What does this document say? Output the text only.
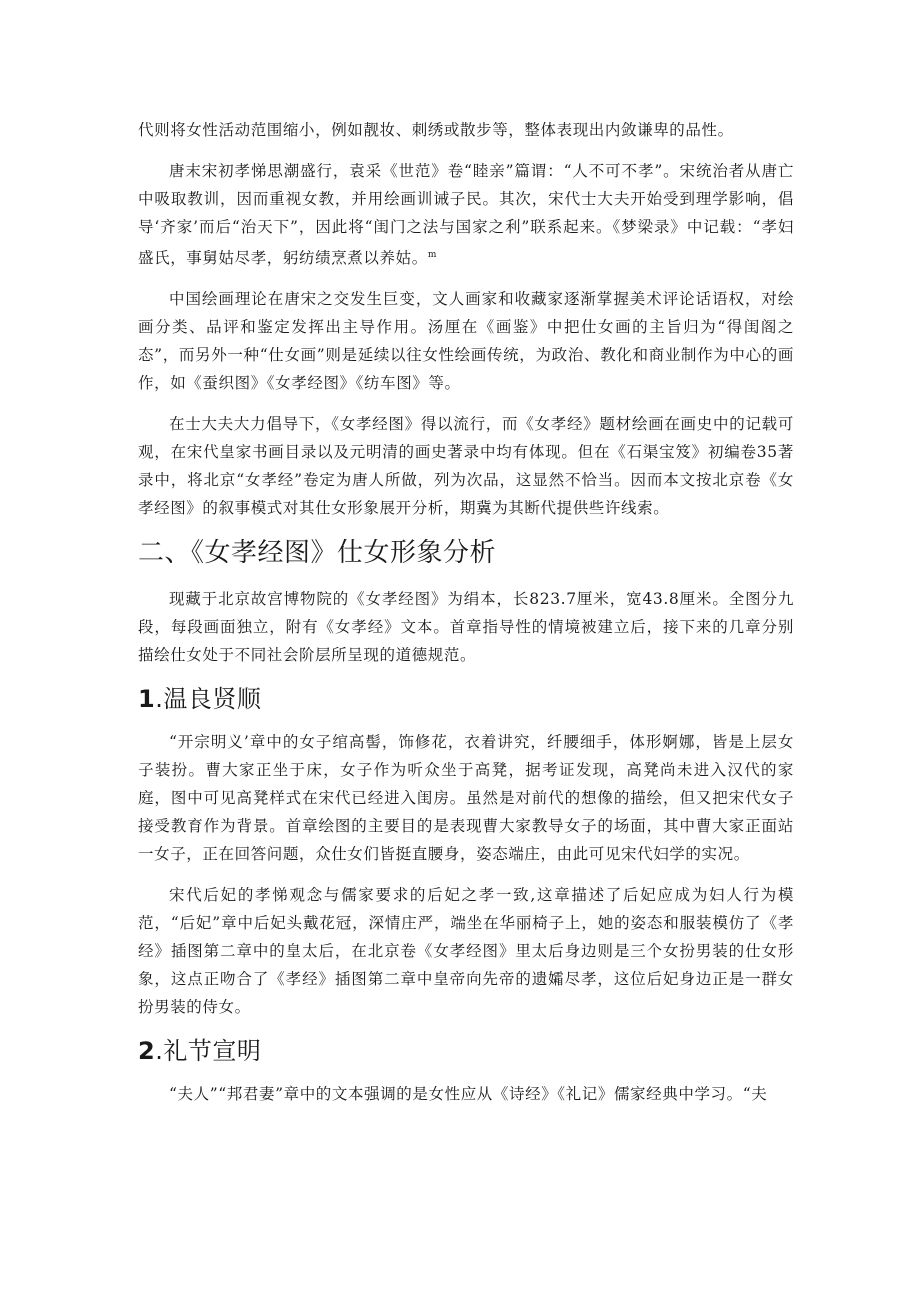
代则将女性活动范围缩小，例如靓妆、刺绣或散步等，整体表现出内敛谦卑的品性。

唐末宋初孝悌思潮盛行，袁采《世范》卷“睦亲”篇谓：“人不可不孝”。宋统治者从唐亡中吸取教训，因而重视女教，并用绘画训诫子民。其次，宋代士大夫开始受到理学影响，倡导‘齐家’而后“治天下”，因此将“闺门之法与国家之利”联系起来。《梦梁录》中记载：“孝妇盛氏，事舅姑尽孝，躬纺绩烹煮以养姑。$^m$

中国绘画理论在唐宋之交发生巨变，文人画家和收藏家逐渐掌握美术评论话语权，对绘画分类、品评和鉴定发挥出主导作用。汤厘在《画鉴》中把仕女画的主旨归为“得闺阁之态”，而另外一种“仕女画”则是延续以往女性绘画传统，为政治、教化和商业制作为中心的画作，如《蚕织图》《女孝经图》《纺车图》等。

在士大夫大力倡导下，《女孝经图》得以流行，而《女孝经》题材绘画在画史中的记载可观，在宋代皇家书画目录以及元明清的画史著录中均有体现。但在《石渠宝笈》初编卷35著录中，将北京“女孝经”卷定为唐人所做，列为次品，这显然不恰当。因而本文按北京卷《女孝经图》的叙事模式对其仕女形象展开分析，期冀为其断代提供些许线索。

二、《女孝经图》仕女形象分析

现藏于北京故宫博物院的《女孝经图》为绢本，长823.7厘米，宽43.8厘米。全图分九段，每段画面独立，附有《女孝经》文本。首章指导性的情境被建立后，接下来的几章分别描绘仕女处于不同社会阶层所呈现的道德规范。

1.温良贤顺

“开宗明义’章中的女子绾高髻，饰修花，衣着讲究，纤腰细手，体形婀娜，皆是上层女子装扮。曹大家正坐于床，女子作为听众坐于高凳，据考证发现，高凳尚未进入汉代的家庭，图中可见高凳样式在宋代已经进入闺房。虽然是对前代的想像的描绘，但又把宋代女子接受教育作为背景。首章绘图的主要目的是表现曹大家教导女子的场面，其中曹大家正面站一女子，正在回答问题，众仕女们皆挺直腰身，姿态端庄，由此可见宋代妇学的实况。

宋代后妃的孝悌观念与儒家要求的后妃之孝一致,这章描述了后妃应成为妇人行为模范，“后妃”章中后妃头戴花冠，深情庄严，端坐在华丽椅子上，她的姿态和服装模仿了《孝经》插图第二章中的皇太后，在北京卷《女孝经图》里太后身边则是三个女扮男装的仕女形象，这点正吻合了《孝经》插图第二章中皇帝向先帝的遗孀尽孝，这位后妃身边正是一群女扮男装的侍女。

2.礼节宣明

“夫人”“邦君妻”章中的文本强调的是女性应从《诗经》《礼记》儒家经典中学习。“夫
